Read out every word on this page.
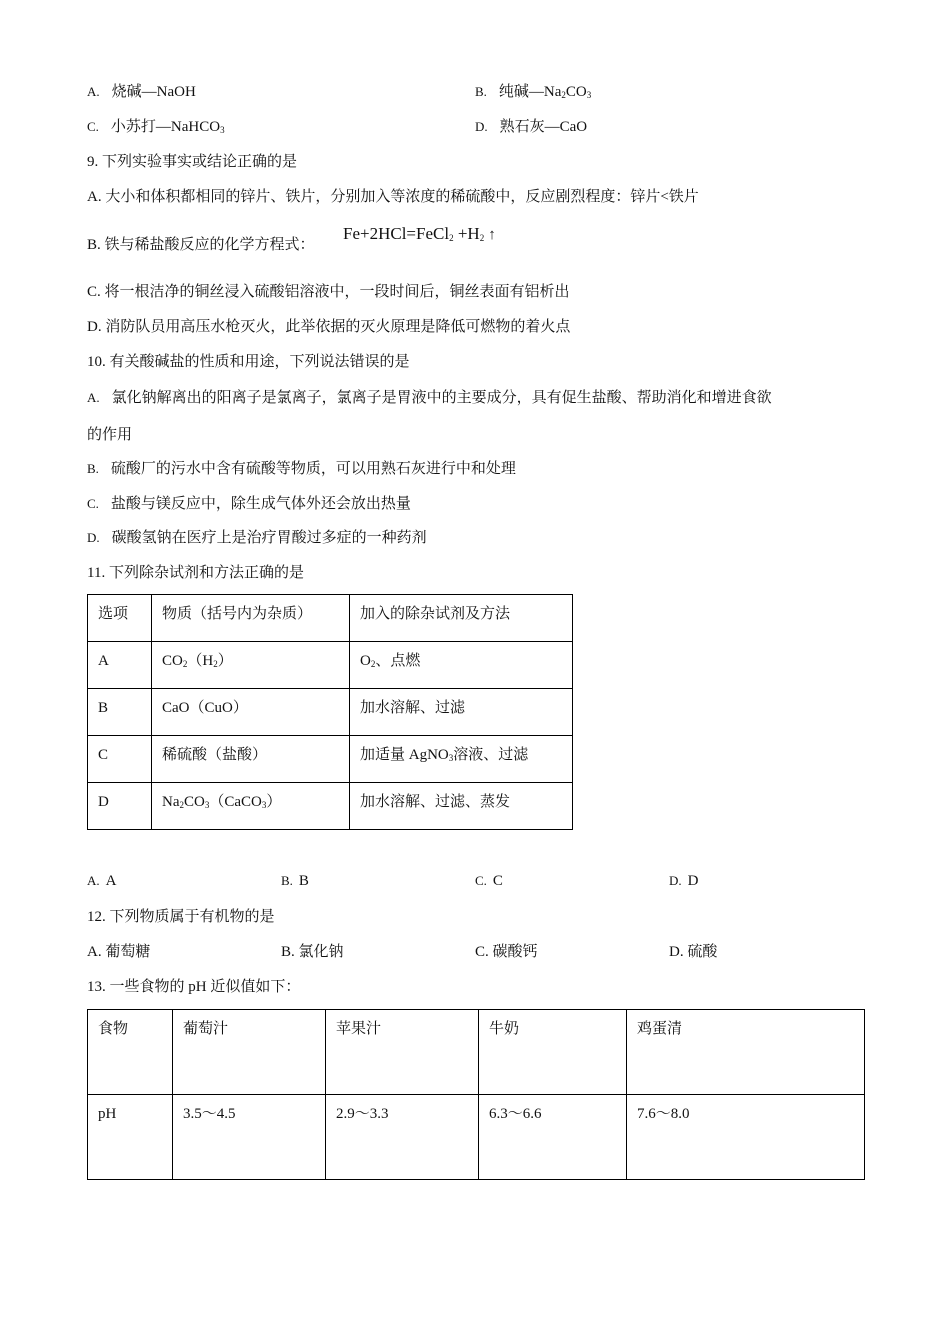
A. 烧碱—NaOH	B. 纯碱$—Na_2CO_3$
C. 小苏打—NaHCO$_3$	D. 熟石灰—CaO
9. 下列实验事实或结论正确的是
A. 大小和体积都相同的锌片、铁片，分别加入等浓度的稀硫酸中，反应剧烈程度：锌片<铁片
B. 铁与稀盐酸反应的化学方程式：
Fe+2HCl=FeCl$_2$ $+H_2$ ↑
C. 将一根洁净的铜丝浸入硫酸铝溶液中，一段时间后，铜丝表面有铝析出
D. 消防队员用高压水枪灭火，此举依据的灭火原理是降低可燃物的着火点
10. 有关酸碱盐的性质和用途，下列说法错误的是
A. 氯化钠解离出的阳离子是氯离子，氯离子是胃液中的主要成分，具有促生盐酸、帮助消化和增进食欲
的作用
B. 硫酸厂的污水中含有硫酸等物质，可以用熟石灰进行中和处理
C. 盐酸与镁反应中，除生成气体外还会放出热量
D. 碳酸氢钠在医疗上是治疗胃酸过多症的一种药剂
11. 下列除杂试剂和方法正确的是
选项	物质（括号内为杂质）	加入的除杂试剂及方法
A	$CO_2(H_2)$	$O_2$、点燃
B	CaO（CuO）	加水溶解、过滤
C	稀硫酸（盐酸）	加适量 AgNO$_3$溶液、过滤
D	$Na_2CO_3(CaCO_3)$	加水溶解、过滤、蒸发
A. A	B. B	C. C	D. D
12. 下列物质属于有机物的是
A. 葡萄糖	B. 氯化钠	C. 碳酸钙	D. 硫酸
13. 一些食物的 pH 近似值如下：
食物	葡萄汁	苹果汁	牛奶	鸡蛋清
pH	3.5～4.5	2.9～3.3	6.3～6.6	7.6～8.0
